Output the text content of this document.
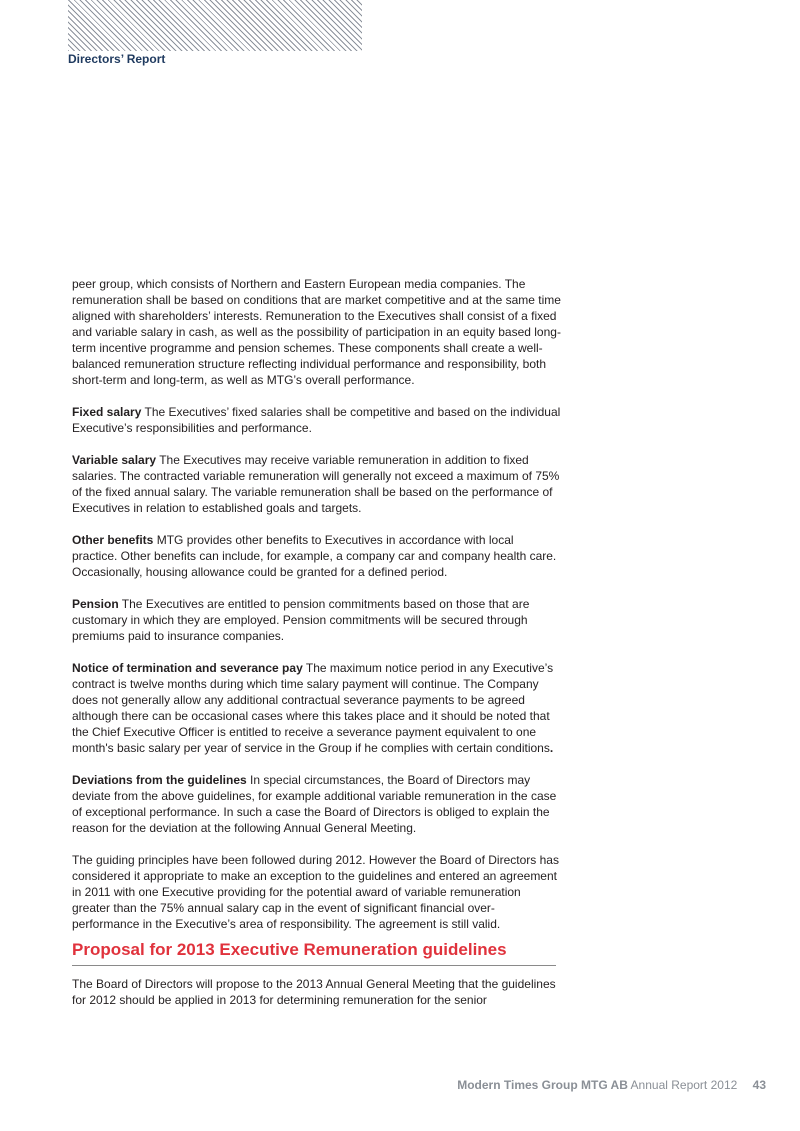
Directors’ Report

peer group, which consists of Northern and Eastern European media companies. The remuneration shall be based on conditions that are market competitive and at the same time aligned with shareholders’ interests. Remuneration to the Executives shall consist of a fixed and variable salary in cash, as well as the possibility of participation in an equity based long-term incentive programme and pension schemes. These components shall create a well-balanced remuneration structure reflecting individual performance and responsibility, both short-term and long-term, as well as MTG’s overall performance.

Fixed salary The Executives’ fixed salaries shall be competitive and based on the individual Executive’s responsibilities and performance.

Variable salary The Executives may receive variable remuneration in addition to fixed salaries. The contracted variable remuneration will generally not exceed a maximum of 75% of the fixed annual salary. The variable remuneration shall be based on the performance of Executives in relation to established goals and targets.

Other benefits MTG provides other benefits to Executives in accordance with local practice. Other benefits can include, for example, a company car and company health care. Occasionally, housing allowance could be granted for a defined period.

Pension The Executives are entitled to pension commitments based on those that are customary in which they are employed. Pension commitments will be secured through premiums paid to insurance companies.

Notice of termination and severance pay The maximum notice period in any Executive’s contract is twelve months during which time salary payment will continue. The Company does not generally allow any additional contractual severance payments to be agreed although there can be occasional cases where this takes place and it should be noted that the Chief Executive Officer is entitled to receive a severance payment equivalent to one month's basic salary per year of service in the Group if he complies with certain conditions.

Deviations from the guidelines In special circumstances, the Board of Directors may deviate from the above guidelines, for example additional variable remuneration in the case of exceptional performance. In such a case the Board of Directors is obliged to explain the reason for the deviation at the following Annual General Meeting.

The guiding principles have been followed during 2012. However the Board of Directors has considered it appropriate to make an exception to the guidelines and entered an agreement in 2011 with one Executive providing for the potential award of variable remuneration greater than the 75% annual salary cap in the event of significant financial over-performance in the Executive’s area of responsibility. The agreement is still valid.

Proposal for 2013 Executive Remuneration guidelines
The Board of Directors will propose to the 2013 Annual General Meeting that the guidelines for 2012 should be applied in 2013 for determining remuneration for the senior
Modern Times Group MTG AB Annual Report 2012 43
